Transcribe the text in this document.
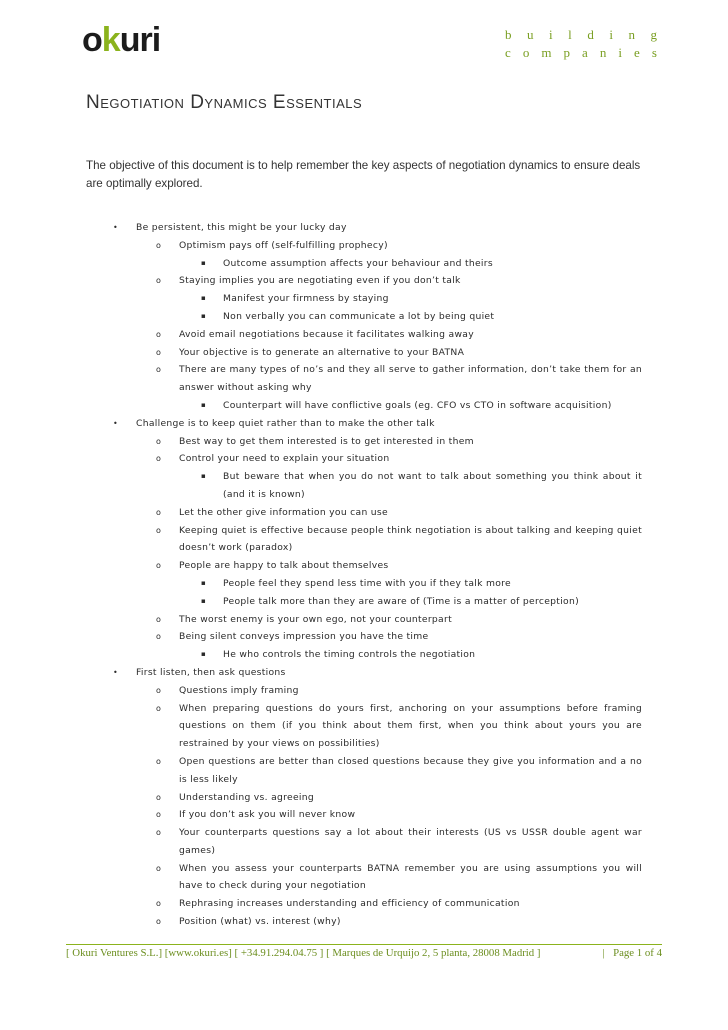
okuri	b u i l d i n g
c o m p a n i e s
Negotiation Dynamics Essentials
The objective of this document is to help remember the key aspects of negotiation dynamics to ensure deals are optimally explored.
• Be persistent, this might be your lucky day
o Optimism pays off (self-fulfilling prophecy)
▪ Outcome assumption affects your behaviour and theirs
o Staying implies you are negotiating even if you don’t talk
▪ Manifest your firmness by staying
▪ Non verbally you can communicate a lot by being quiet
o Avoid email negotiations because it facilitates walking away
o Your objective is to generate an alternative to your BATNA
o There are many types of no’s and they all serve to gather information, don’t take them for an answer without asking why
▪ Counterpart will have conflictive goals (eg. CFO vs CTO in software acquisition)
• Challenge is to keep quiet rather than to make the other talk
o Best way to get them interested is to get interested in them
o Control your need to explain your situation
▪ But beware that when you do not want to talk about something you think about it (and it is known)
o Let the other give information you can use
o Keeping quiet is effective because people think negotiation is about talking and keeping quiet doesn’t work (paradox)
o People are happy to talk about themselves
▪ People feel they spend less time with you if they talk more
▪ People talk more than they are aware of (Time is a matter of perception)
o The worst enemy is your own ego, not your counterpart
o Being silent conveys impression you have the time
▪ He who controls the timing controls the negotiation
• First listen, then ask questions
o Questions imply framing
o When preparing questions do yours first, anchoring on your assumptions before framing questions on them (if you think about them first, when you think about yours you are restrained by your views on possibilities)
o Open questions are better than closed questions because they give you information and a no is less likely
o Understanding vs. agreeing
o If you don’t ask you will never know
o Your counterparts questions say a lot about their interests (US vs USSR double agent war games)
o When you assess your counterparts BATNA remember you are using assumptions you will have to check during your negotiation
o Rephrasing increases understanding and efficiency of communication
o Position (what) vs. interest (why)
[ Okuri Ventures S.L.] [www.okuri.es] [ +34.91.294.04.75 ] [ Marques de Urquijo 2, 5 planta, 28008 Madrid ]	| Page 1 of 4
